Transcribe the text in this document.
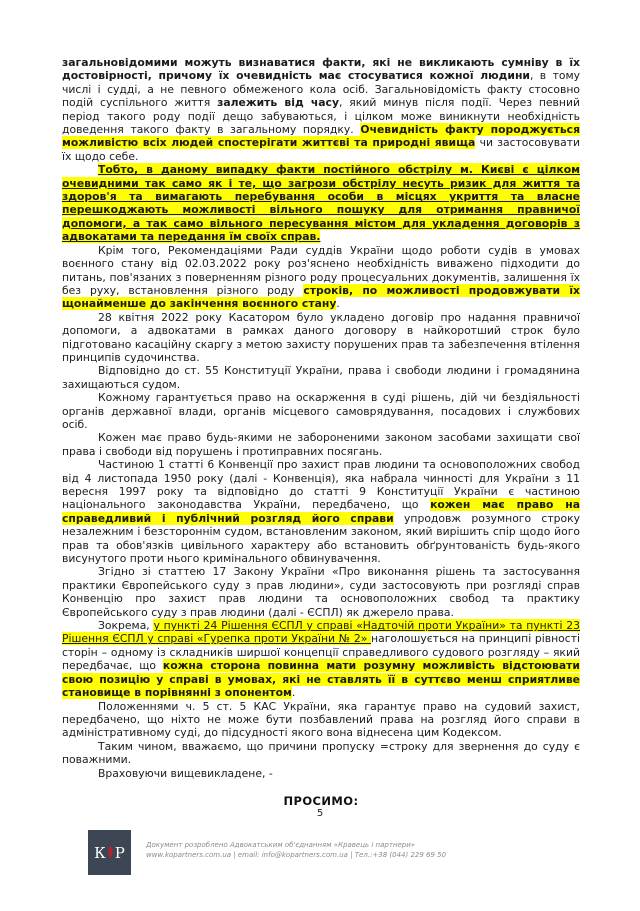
загальновідомими можуть визнаватися факти, які не викликають сумніву в їх достовірності, причому їх очевидність має стосуватися кожної людини, в тому числі і судді, а не певного обмеженого кола осіб. Загальновідомість факту стосовно подій суспільного життя залежить від часу, який минув після події. Через певний період такого роду події дещо забуваються, і цілком може виникнути необхідність доведення такого факту в загальному порядку. Очевидність факту породжується можливістю всіх людей спостерігати життєві та природні явища чи застосовувати їх щодо себе.

Тобто, в даному випадку факти постійного обстрілу м. Києві є цілком очевидними так само як і те, що загрози обстрілу несуть ризик для життя та здоров'я та вимагають перебування особи в місцях укриття та власне перешкоджають можливості вільного пошуку для отримання правничої допомоги, а так само вільного пересування містом для укладення договорів з адвокатами та передання їм своїх справ.

Крім того, Рекомендаціями Ради суддів України щодо роботи судів в умовах воєнного стану від 02.03.2022 року роз'яснено необхідність виважено підходити до питань, пов'язаних з поверненням різного роду процесуальних документів, залишення їх без руху, встановлення різного роду строків, по можливості продовжувати їх щонайменше до закінчення воєнного стану.

28 квітня 2022 року Касатором було укладено договір про надання правничої допомоги, а адвокатами в рамках даного договору в найкоротший строк було підготовано касаційну скаргу з метою захисту порушених прав та забезпечення втілення принципів судочинства.

Відповідно до ст. 55 Конституції України, права і свободи людини і громадянина захищаються судом.

Кожному гарантується право на оскарження в суді рішень, дій чи бездіяльності органів державної влади, органів місцевого самоврядування, посадових і службових осіб.

Кожен має право будь-якими не забороненими законом засобами захищати свої права і свободи від порушень і протиправних посягань.

Частиною 1 статті 6 Конвенції про захист прав людини та основоположних свобод від 4 листопада 1950 року (далі - Конвенція), яка набрала чинності для України з 11 вересня 1997 року та відповідно до статті 9 Конституції України є частиною національного законодавства України, передбачено, що кожен має право на справедливий і публічний розгляд його справи упродовж розумного строку незалежним і безстороннім судом, встановленим законом, який вирішить спір щодо його прав та обов'язків цивільного характеру або встановить обґрунтованість будь-якого висунутого проти нього кримінального обвинувачення.

Згідно зі статтею 17 Закону України «Про виконання рішень та застосування практики Європейського суду з прав людини», суди застосовують при розгляді справ Конвенцію про захист прав людини та основоположних свобод та практику Європейського суду з прав людини (далі - ЄСПЛ) як джерело права.

Зокрема, у пункті 24 Рішення ЄСПЛ у справі «Надточій проти України» та пункті 23 Рішення ЄСПЛ у справі «Гурепка проти України № 2» наголошується на принципі рівності сторін – одному із складників ширшої концепції справедливого судового розгляду – який передбачає, що кожна сторона повинна мати розумну можливість відстоювати свою позицію у справі в умовах, які не ставлять її в суттєво менш сприятливе становище в порівнянні з опонентом.

Положеннями ч. 5 ст. 5 КАС України, яка гарантує право на судовий захист, передбачено, що ніхто не може бути позбавлений права на розгляд його справи в адміністративному суді, до підсудності якого вона віднесена цим Кодексом.

Таким чином, вважаємо, що причини пропуску =строку для звернення до суду є поважними.

Враховуючи вищевикладене, -

ПРОСИМО:

5
К Р	Документ розроблено Адвокатським об'єднанням «Кравець і партнери»
www.kopartners.com.ua | email: info@kopartners.com.ua | Тел.:+38 (044) 229 69 50
